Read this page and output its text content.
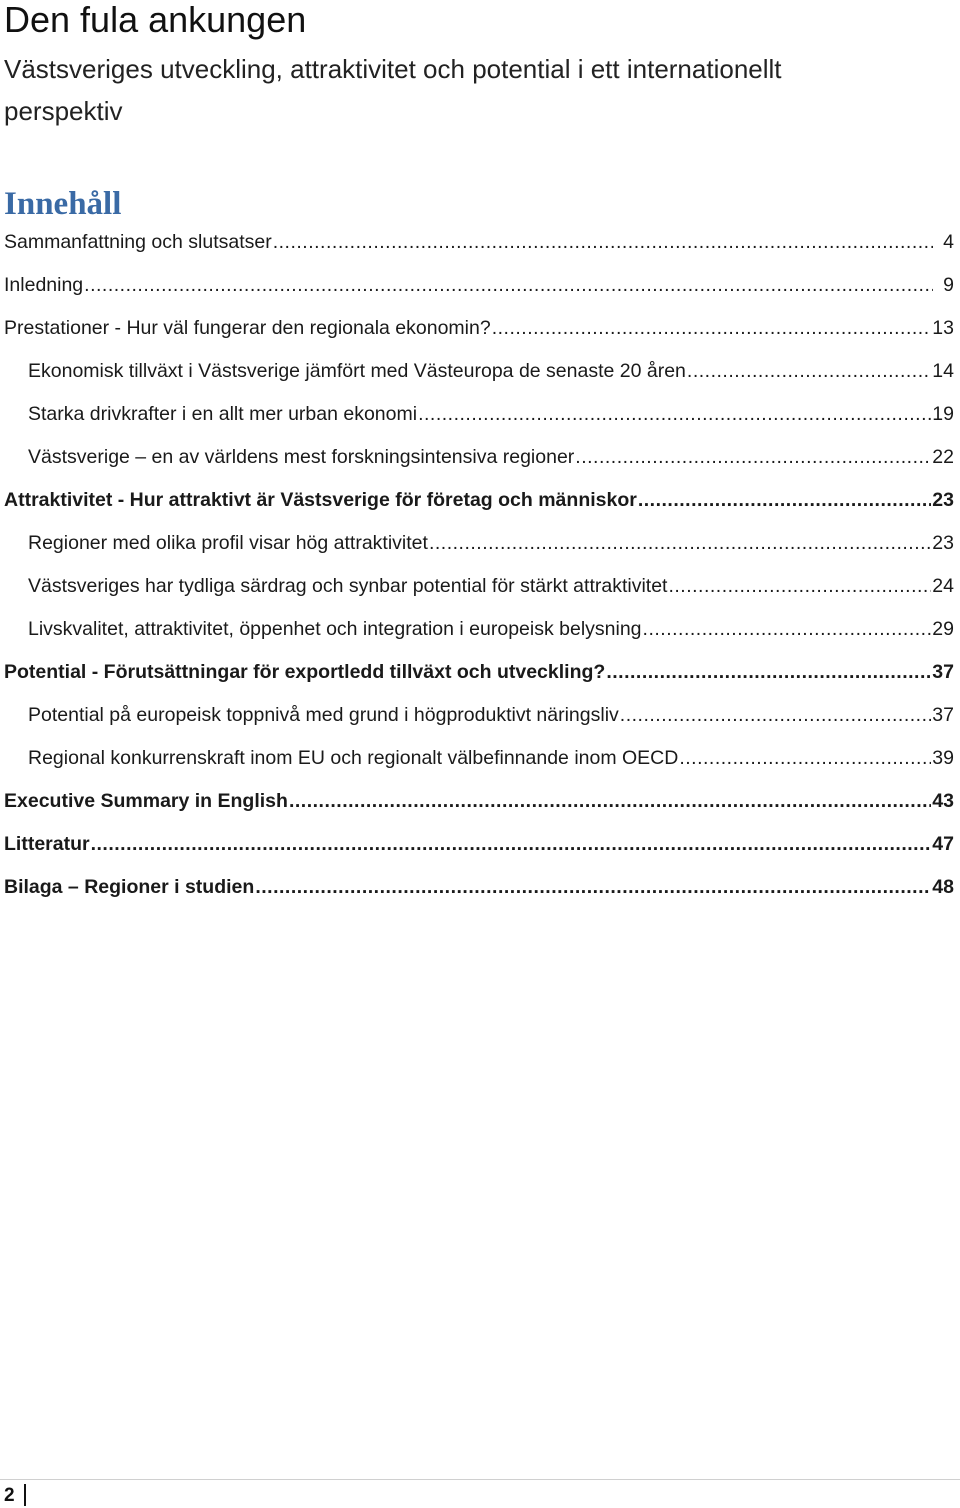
Den fula ankungen

Västsveriges utveckling, attraktivitet och potential i ett internationellt perspektiv

Innehåll
Sammanfattning och slutsatser .....	4
Inledning .....	9
Prestationer - Hur väl fungerar den regionala ekonomin? .....	13
Ekonomisk tillväxt i Västsverige jämfört med Västeuropa de senaste 20 åren .....	14
Starka drivkrafter i en allt mer urban ekonomi .....	19
Västsverige – en av världens mest forskningsintensiva regioner .....	22
Attraktivitet - Hur attraktivt är Västsverige för företag och människor .....	23
Regioner med olika profil visar hög attraktivitet .....	23
Västsveriges har tydliga särdrag och synbar potential för stärkt attraktivitet .....	24
Livskvalitet, attraktivitet, öppenhet och integration i europeisk belysning .....	29
Potential - Förutsättningar för exportledd tillväxt och utveckling? .....	37
Potential på europeisk toppnivå med grund i högproduktivt näringsliv .....	37
Regional konkurrenskraft inom EU och regionalt välbefinnande inom OECD .....	39
Executive Summary in English .....	43
Litteratur .....	47
Bilaga – Regioner i studien .....	48
2
